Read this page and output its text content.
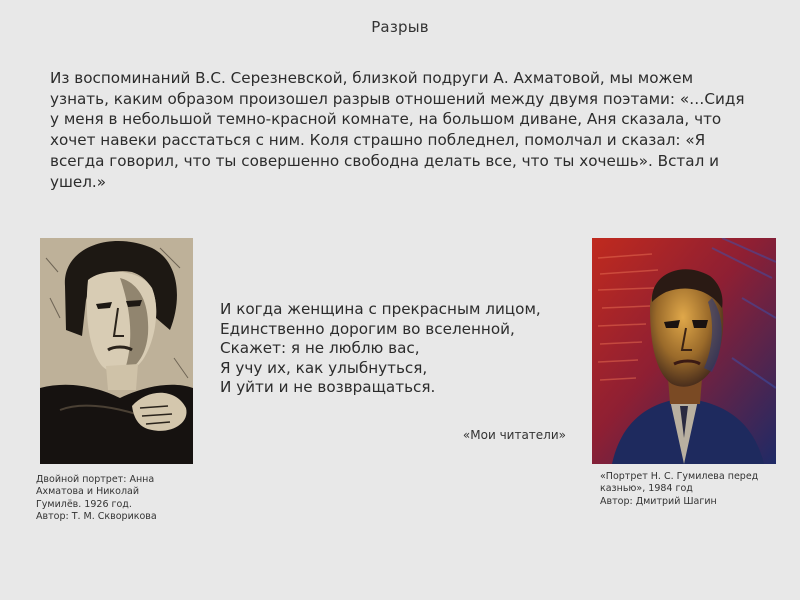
Разрыв

Из воспоминаний В.С. Серезневской, близкой подруги А. Ахматовой, мы можем узнать, каким образом произошел разрыв отношений между двумя поэтами: «…Сидя у меня в небольшой темно-красной комнате, на большом диване, Аня сказала, что хочет навеки расстаться с ним. Коля страшно побледнел, помолчал и сказал: «Я всегда говорил, что ты совершенно свободна делать все, что ты хочешь». Встал и ушел.»

И когда женщина с прекрасным лицом,
Единственно дорогим во вселенной,
Скажет: я не люблю вас,
Я учу их, как улыбнуться,
И уйти и не возвращаться.
«Мои читатели»
Двойной портрет: Анна
Ахматова и Николай
Гумилёв. 1926 год.
Автор: Т. М. Скворикова
«Портрет Н. С. Гумилева перед
казнью», 1984 год
Автор: Дмитрий Шагин
